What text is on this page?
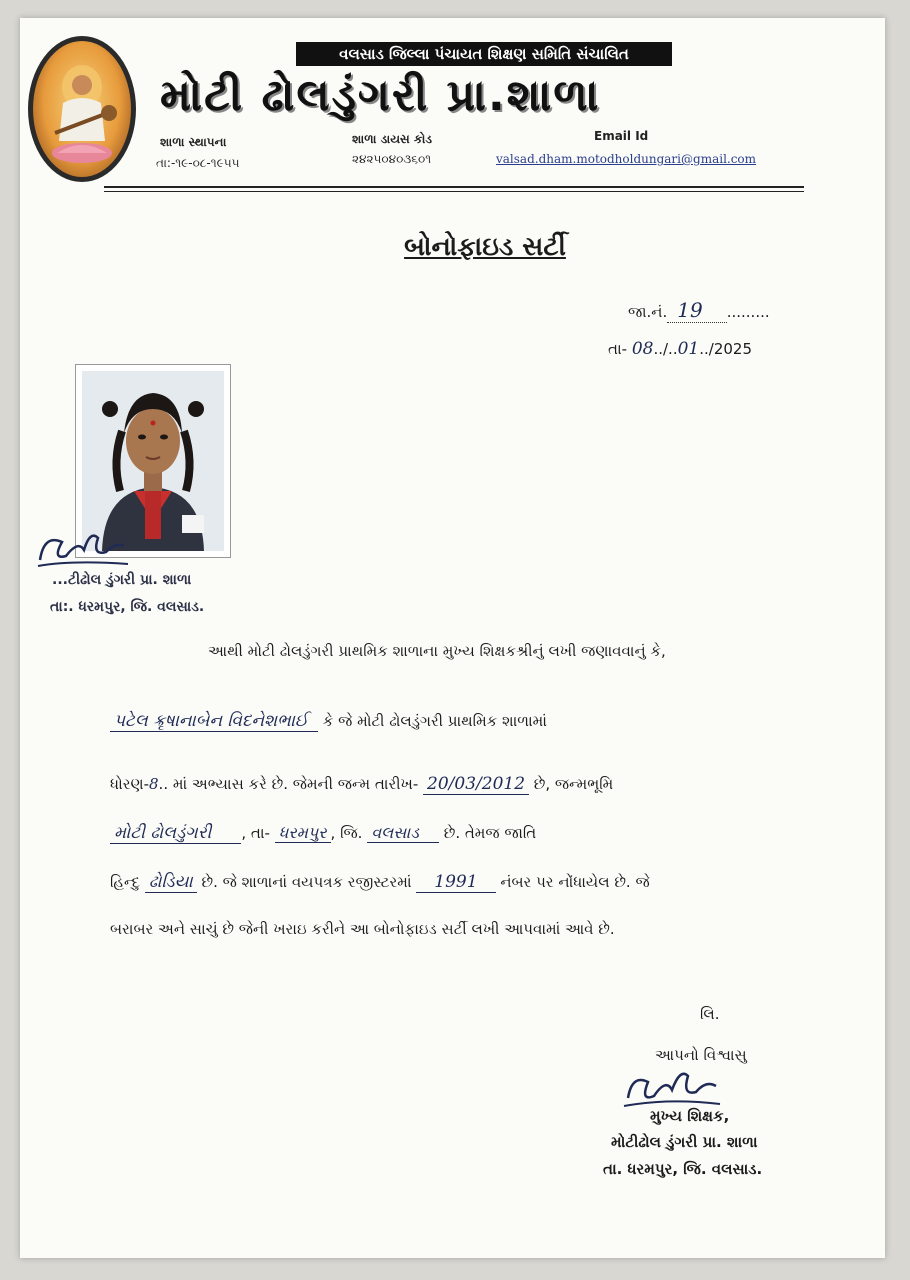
વલસાડ જિલ્લા પંચાયત શિક્ષણ સમિતિ સંચાલિત
મોટી ઢોલડુંગરી પ્રા.શાળા
શાળા સ્થાપના
તા:-૧૯-૦૮-૧૯૫૫
શાળા ડાયસ કોડ
૨૪૨૫૦૪૦૩૬૦૧
Email Id
valsad.dham.motodholdungari@gmail.com
બોનોફાઇડ સર્ટી
જા.નં. 19 .........
તા- 08../..01../2025
...ટીઢોલ ડુંગરી પ્રા. શાળા
તા:. ધરમપુર, જિ. વલસાડ.
આથી મોટી ઢોલડુંગરી પ્રાથમિક શાળાના મુખ્ય શિક્ષકશ્રીનું લખી જણાવવાનું કે,
પટેલ ક્રૃષાનાબેન વિદનેશભાઈ કે જે મોટી ઢોલડુંગરી પ્રાથમિક શાળામાં
ધોરણ-8.. માં અભ્યાસ કરે છે. જેમની જન્મ તારીખ- 20/03/2012 છે, જન્મભૂમિ
મોટી ઢોલડુંગરી , તા- ધરમપુર , જિ. વલસાડ છે. તેમજ જાતિ
હિન્દુ ઢોડિયા છે. જે શાળાનાં વયપત્રક રજીસ્ટરમાં 1991 નંબર પર નોંધાયેલ છે. જે
બરાબર અને સાચું છે જેની ખરાઇ કરીને આ બોનોફાઇડ સર્ટી લખી આપવામાં આવે છે.
લિ.
આપનો વિશ્વાસુ
મુખ્ય શિક્ષક,
મોટીઢોલ ડુંગરી પ્રા. શાળા
તા. ધરમપુર, જિ. વલસાડ.
